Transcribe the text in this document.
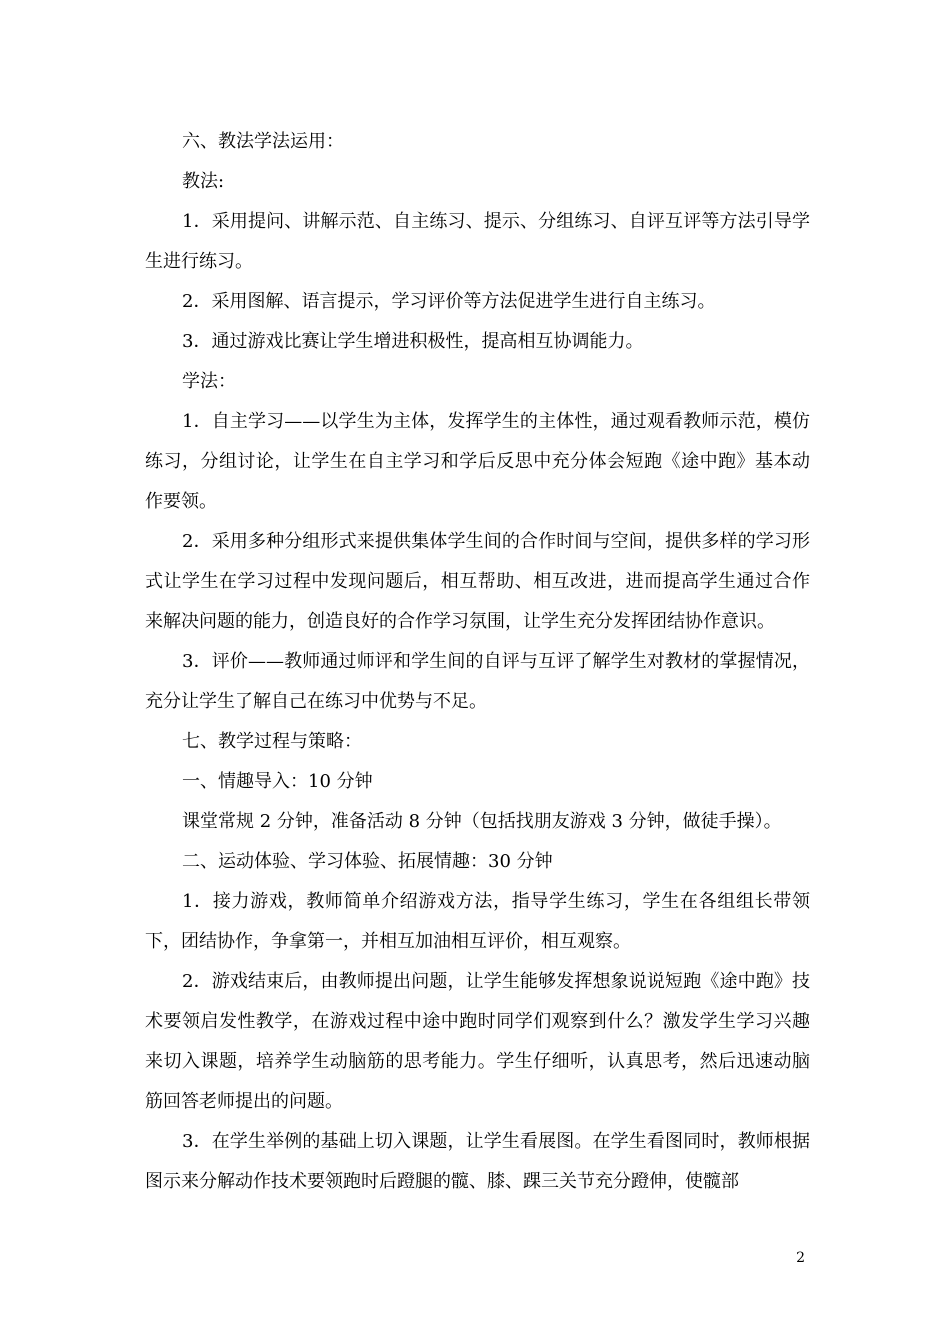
六、教法学法运用：

教法:

1．采用提问、讲解示范、自主练习、提示、分组练习、自评互评等方法引导学生进行练习。

2．采用图解、语言提示，学习评价等方法促进学生进行自主练习。

3．通过游戏比赛让学生增进积极性，提高相互协调能力。

学法：

1．自主学习——以学生为主体，发挥学生的主体性，通过观看教师示范，模仿练习，分组讨论，让学生在自主学习和学后反思中充分体会短跑《途中跑》基本动作要领。

2．采用多种分组形式来提供集体学生间的合作时间与空间，提供多样的学习形式让学生在学习过程中发现问题后，相互帮助、相互改进，进而提高学生通过合作来解决问题的能力，创造良好的合作学习氛围，让学生充分发挥团结协作意识。

3．评价——教师通过师评和学生间的自评与互评了解学生对教材的掌握情况，充分让学生了解自己在练习中优势与不足。

七、教学过程与策略：

一、情趣导入：10 分钟

课堂常规 2 分钟，准备活动 8 分钟（包括找朋友游戏 3 分钟，做徒手操）。

二、运动体验、学习体验、拓展情趣：30 分钟

1．接力游戏，教师简单介绍游戏方法，指导学生练习，学生在各组组长带领下，团结协作，争拿第一，并相互加油相互评价，相互观察。

2．游戏结束后，由教师提出问题，让学生能够发挥想象说说短跑《途中跑》技术要领启发性教学，在游戏过程中途中跑时同学们观察到什么？激发学生学习兴趣来切入课题，培养学生动脑筋的思考能力。学生仔细听，认真思考，然后迅速动脑筋回答老师提出的问题。

3．在学生举例的基础上切入课题，让学生看展图。在学生看图同时，教师根据图示来分解动作技术要领跑时后蹬腿的髋、膝、踝三关节充分蹬伸，使髋部

2
